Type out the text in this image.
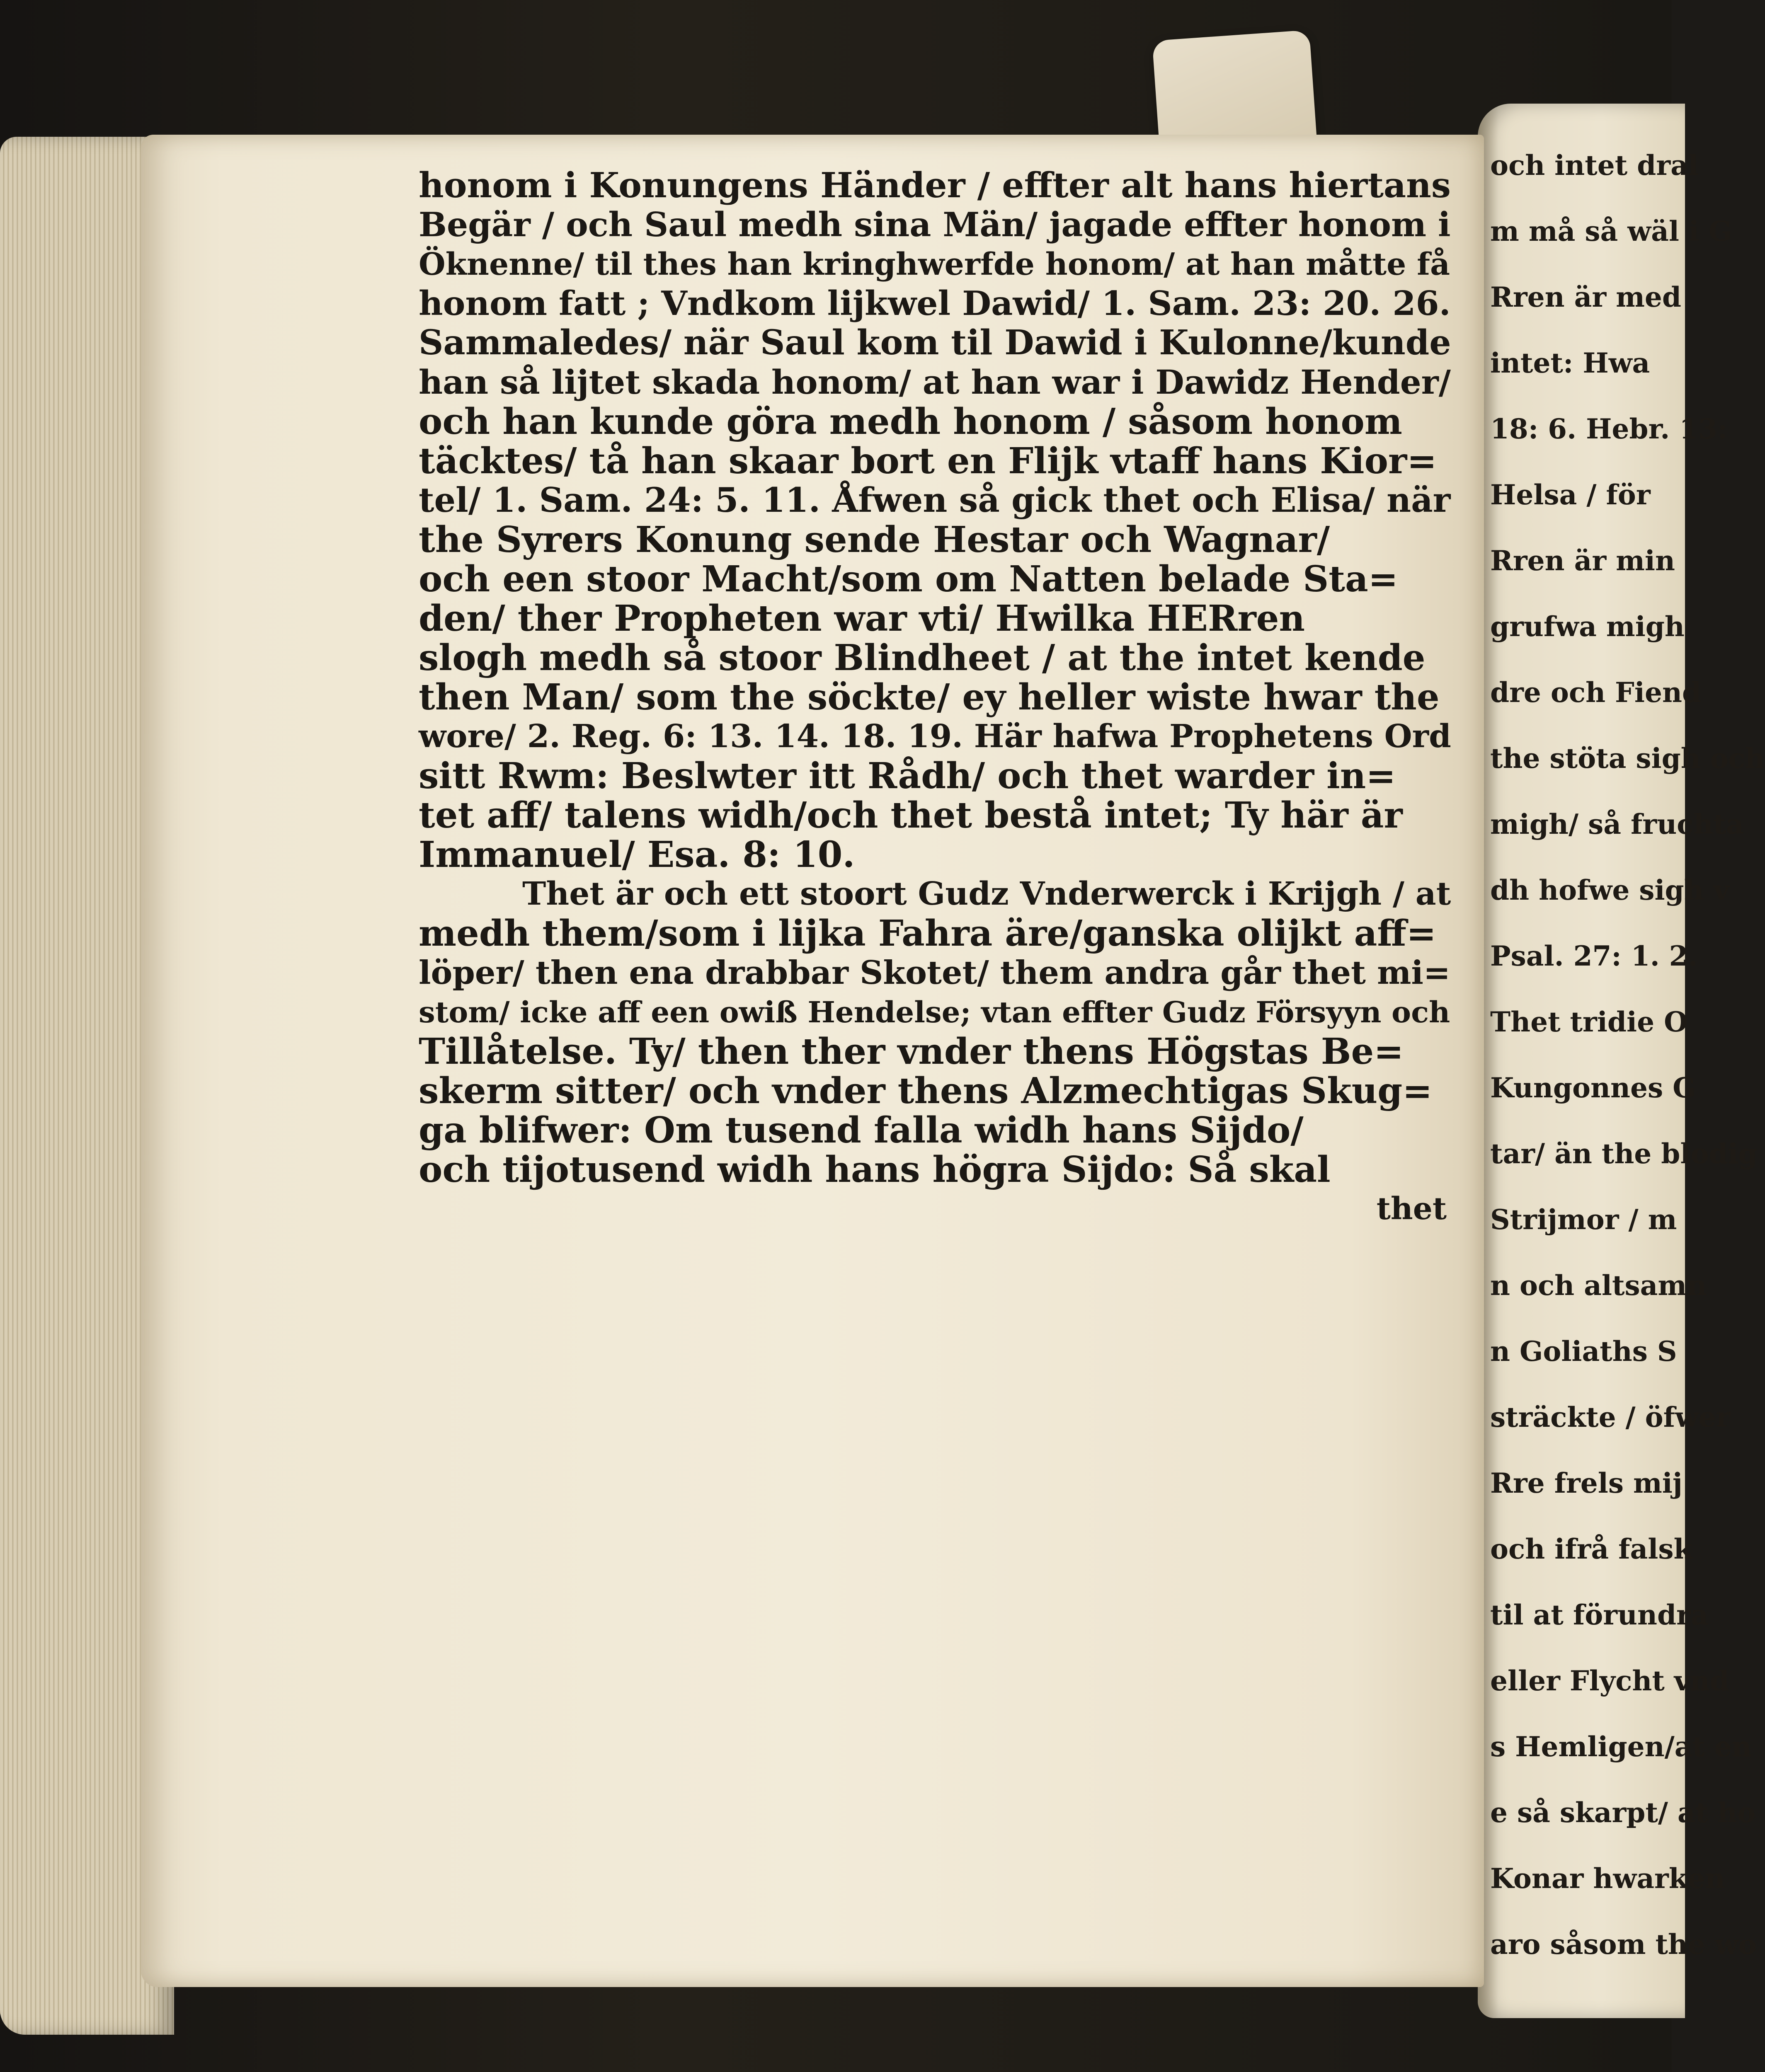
och intet dral
m må så wäl i G
Rren är med
intet: Hwa
18: 6. Hebr. 13:
Helsa / för
Rren är min
grufwa migh
dre och Fiend
the stöta sigh och
migh/ så fruchta
dh hofwe sigh v
Psal. 27: 1. 2.
Thet tridie O
Kungonnes G
tar/ än the blodig
Strijmor / m
n och altsamn
n Goliaths S
sträckte / öfwer
Rre frels mij
och ifrå falsk
til at förundra
eller Flycht vnd
s Hemligen/at en
e så skarpt/ at ho
Konar hwarken
aro såsom the wo
honom i Konungens Händer / effter alt hans hiertans
Begär / och Saul medh sina Män/ jagade effter honom i
Öknenne/ til thes han kringhwerfde honom/ at han måtte få
honom fatt ; Vndkom lijkwel Dawid/ 1. Sam. 23: 20. 26.
Sammaledes/ när Saul kom til Dawid i Kulonne/kunde
han så lijtet skada honom/ at han war i Dawidz Hender/
och han kunde göra medh honom / såsom honom
täcktes/ tå han skaar bort en Flijk vtaff hans Kior=
tel/ 1. Sam. 24: 5. 11. Åfwen så gick thet och Elisa/ när
the Syrers Konung sende Hestar och Wagnar/
och een stoor Macht/som om Natten belade Sta=
den/ ther Propheten war vti/ Hwilka HERren
slogh medh så stoor Blindheet / at the intet kende
then Man/ som the söckte/ ey heller wiste hwar the
wore/ 2. Reg. 6: 13. 14. 18. 19. Här hafwa Prophetens Ord
sitt Rwm: Beslwter itt Rådh/ och thet warder in=
tet aff/ talens widh/och thet bestå intet; Ty här är
Immanuel/ Esa. 8: 10.
Thet är och ett stoort Gudz Vnderwerck i Krijgh / at
medh them/som i lijka Fahra äre/ganska olijkt aff=
löper/ then ena drabbar Skotet/ them andra går thet mi=
stom/ icke aff een owiß Hendelse; vtan effter Gudz Försyyn och
Tillåtelse. Ty/ then ther vnder thens Högstas Be=
skerm sitter/ och vnder thens Alzmechtigas Skug=
ga blifwer: Om tusend falla widh hans Sijdo/
och tijotusend widh hans högra Sijdo: Så skal
thet
